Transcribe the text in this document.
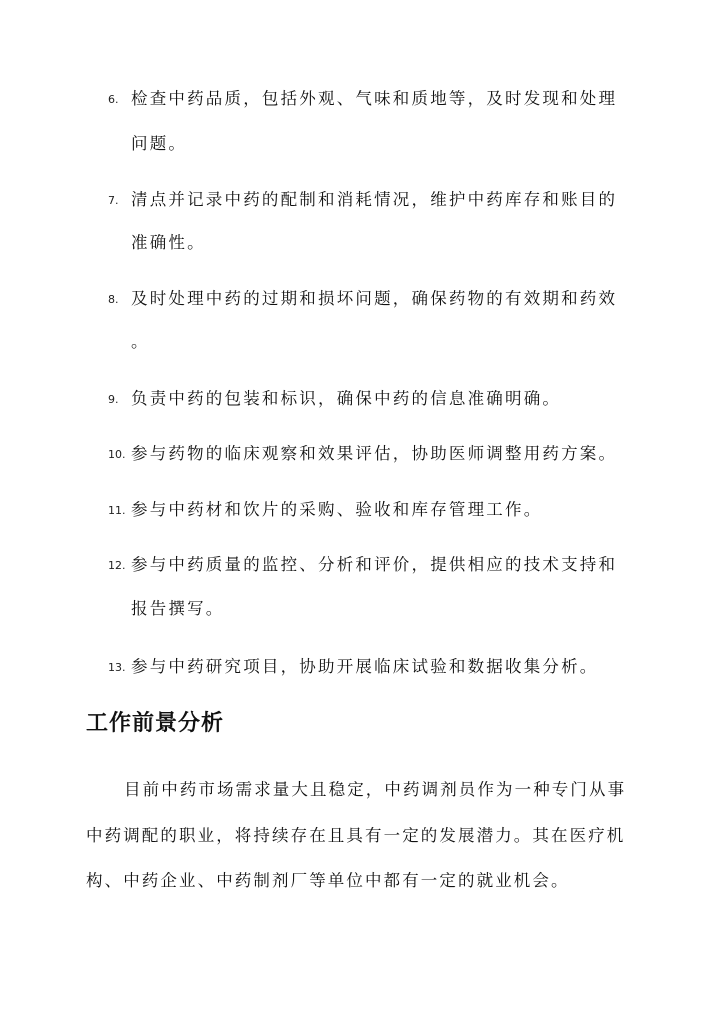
6. 检查中药品质，包括外观、气味和质地等，及时发现和处理
问题。
7. 清点并记录中药的配制和消耗情况，维护中药库存和账目的
准确性。
8. 及时处理中药的过期和损坏问题，确保药物的有效期和药效
。
9. 负责中药的包装和标识，确保中药的信息准确明确。
10. 参与药物的临床观察和效果评估，协助医师调整用药方案。
11. 参与中药材和饮片的采购、验收和库存管理工作。
12. 参与中药质量的监控、分析和评价，提供相应的技术支持和
报告撰写。
13. 参与中药研究项目，协助开展临床试验和数据收集分析。
工作前景分析
目前中药市场需求量大且稳定，中药调剂员作为一种专门从事
中药调配的职业，将持续存在且具有一定的发展潜力。其在医疗机
构、中药企业、中药制剂厂等单位中都有一定的就业机会。
